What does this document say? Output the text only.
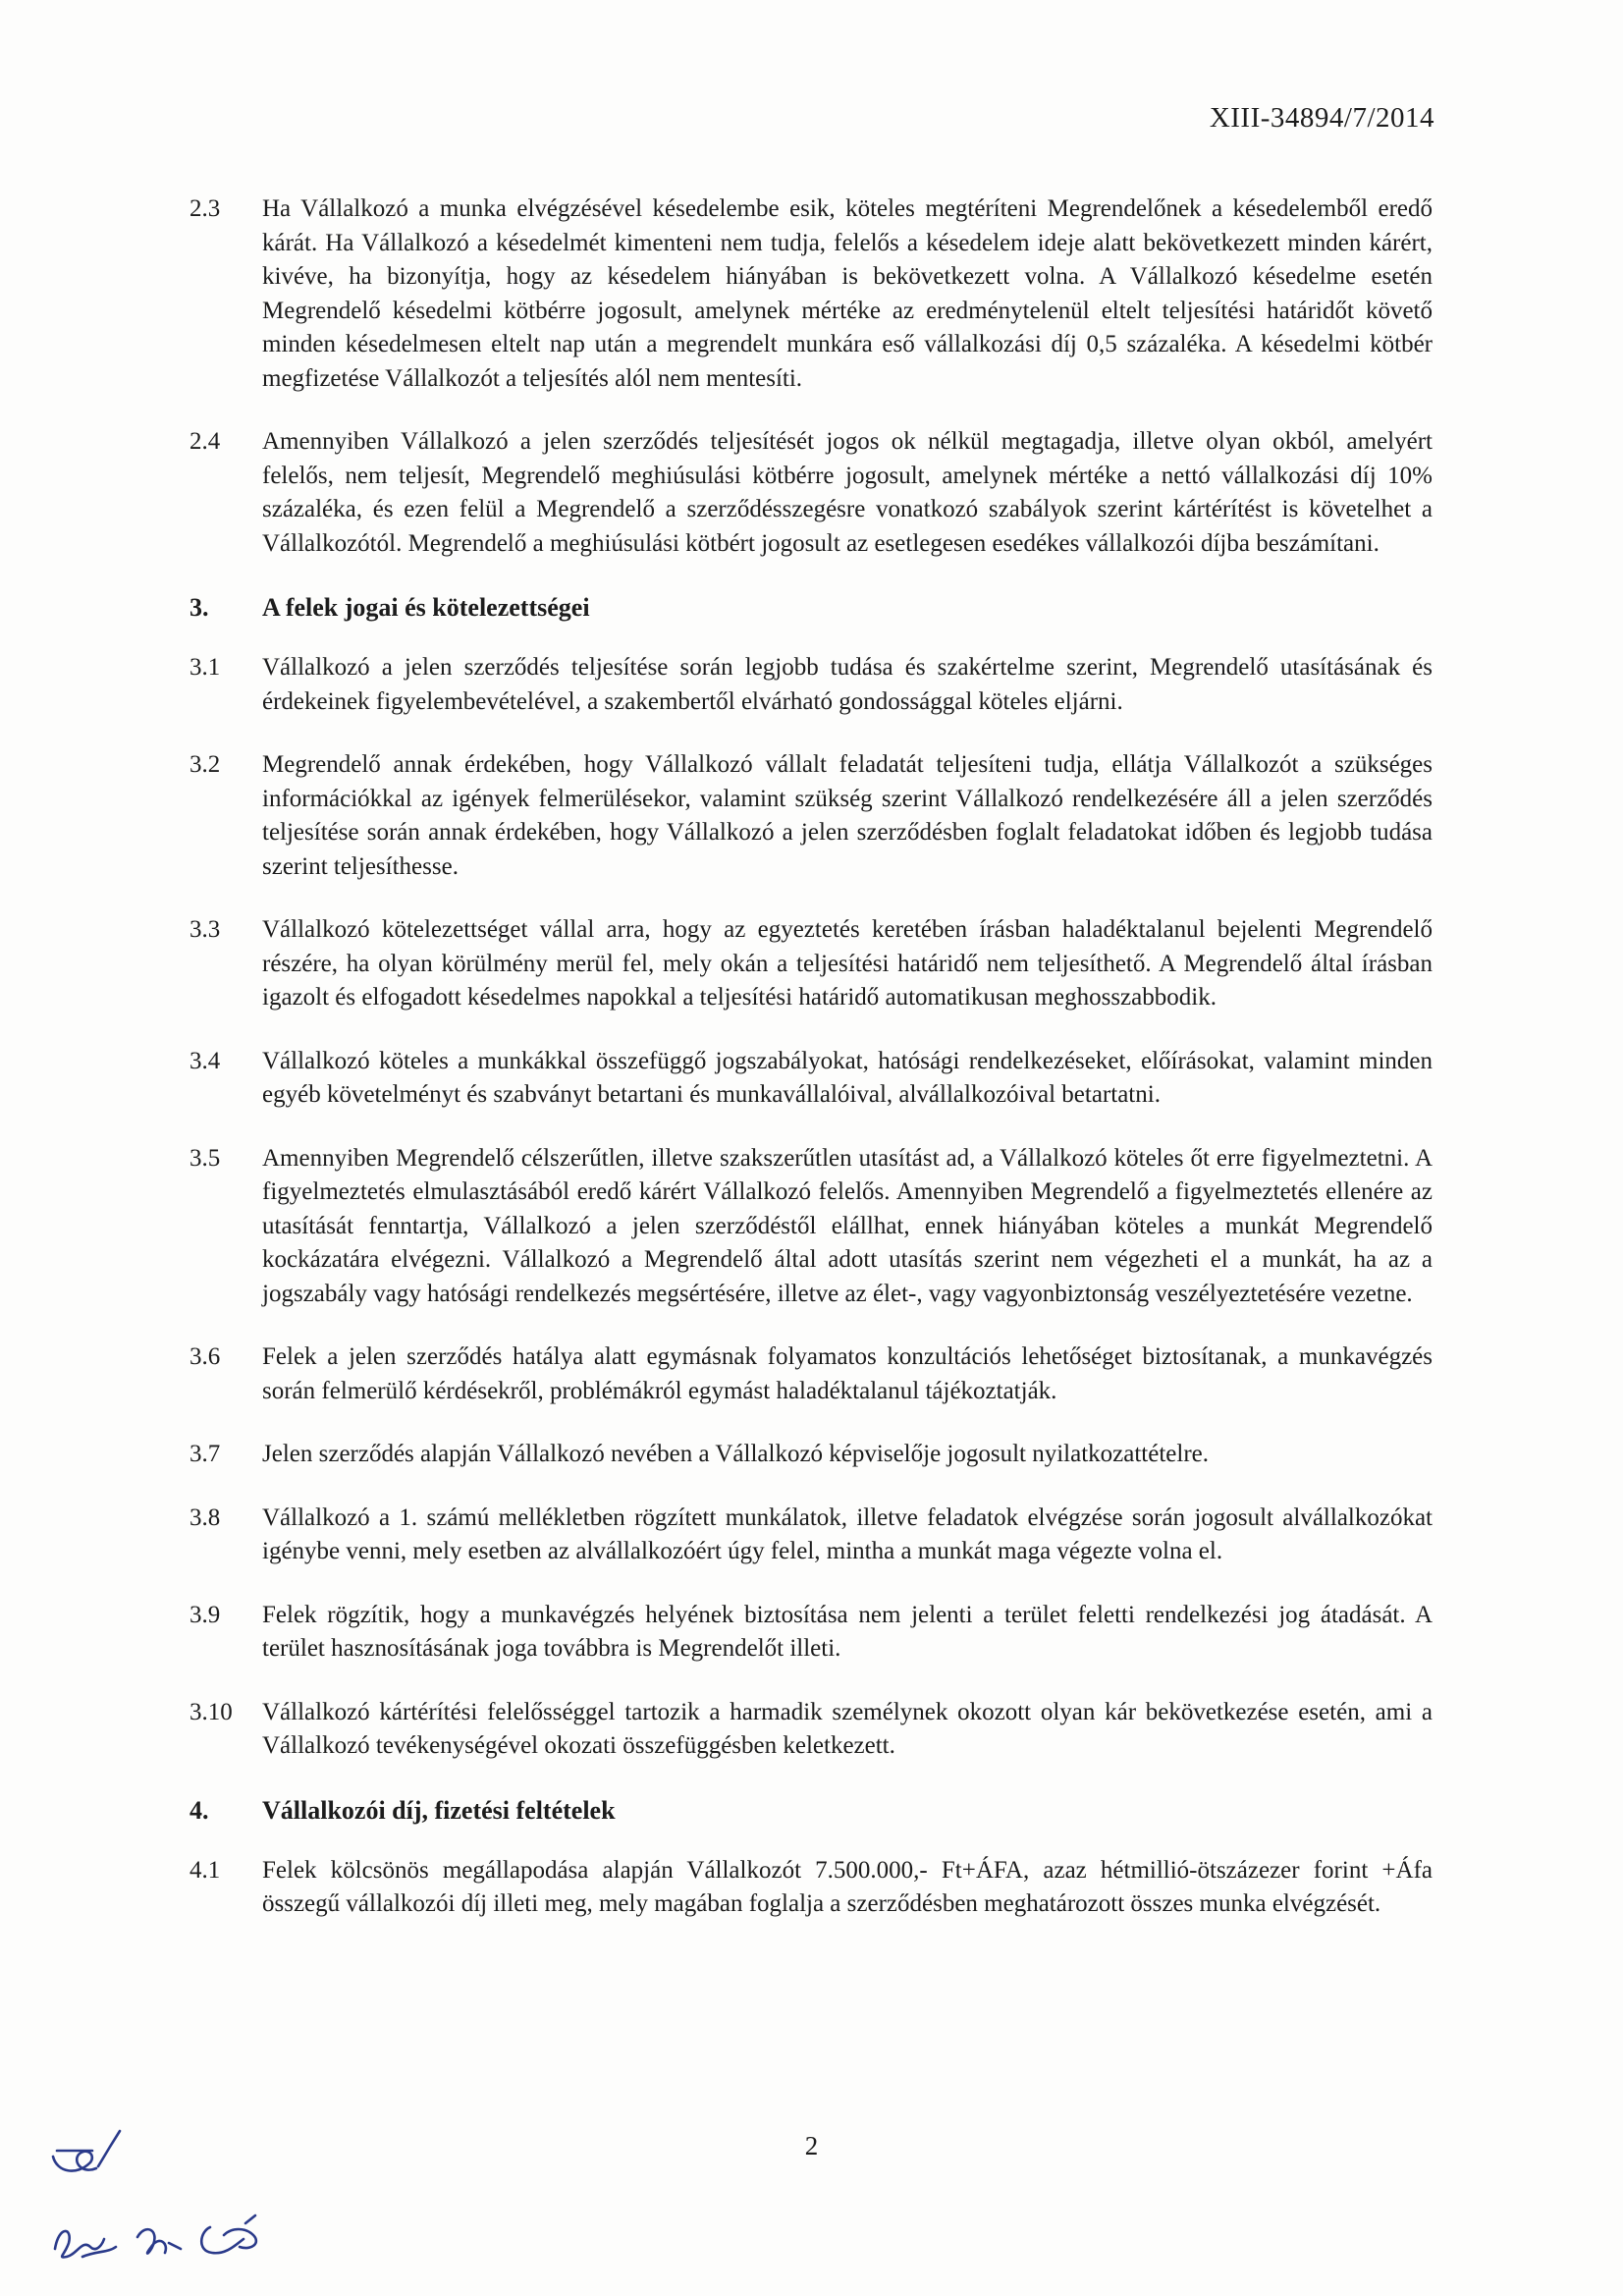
XIII-34894/7/2014
2.3	Ha Vállalkozó a munka elvégzésével késedelembe esik, köteles megtéríteni Megrendelőnek a késedelemből eredő kárát. Ha Vállalkozó a késedelmét kimenteni nem tudja, felelős a késedelem ideje alatt bekövetkezett minden kárért, kivéve, ha bizonyítja, hogy az késedelem hiányában is bekövetkezett volna. A Vállalkozó késedelme esetén Megrendelő késedelmi kötbérre jogosult, amelynek mértéke az eredménytelenül eltelt teljesítési határidőt követő minden késedelmesen eltelt nap után a megrendelt munkára eső vállalkozási díj 0,5 százaléka. A késedelmi kötbér megfizetése Vállalkozót a teljesítés alól nem mentesíti.
2.4	Amennyiben Vállalkozó a jelen szerződés teljesítését jogos ok nélkül megtagadja, illetve olyan okból, amelyért felelős, nem teljesít, Megrendelő meghiúsulási kötbérre jogosult, amelynek mértéke a nettó vállalkozási díj 10% százaléka, és ezen felül a Megrendelő a szerződésszegésre vonatkozó szabályok szerint kártérítést is követelhet a Vállalkozótól. Megrendelő a meghiúsulási kötbért jogosult az esetlegesen esedékes vállalkozói díjba beszámítani.
3.	A felek jogai és kötelezettségei
3.1	Vállalkozó a jelen szerződés teljesítése során legjobb tudása és szakértelme szerint, Megrendelő utasításának és érdekeinek figyelembevételével, a szakembertől elvárható gondossággal köteles eljárni.
3.2	Megrendelő annak érdekében, hogy Vállalkozó vállalt feladatát teljesíteni tudja, ellátja Vállalkozót a szükséges információkkal az igények felmerülésekor, valamint szükség szerint Vállalkozó rendelkezésére áll a jelen szerződés teljesítése során annak érdekében, hogy Vállalkozó a jelen szerződésben foglalt feladatokat időben és legjobb tudása szerint teljesíthesse.
3.3	Vállalkozó kötelezettséget vállal arra, hogy az egyeztetés keretében írásban haladéktalanul bejelenti Megrendelő részére, ha olyan körülmény merül fel, mely okán a teljesítési határidő nem teljesíthető. A Megrendelő által írásban igazolt és elfogadott késedelmes napokkal a teljesítési határidő automatikusan meghosszabbodik.
3.4	Vállalkozó köteles a munkákkal összefüggő jogszabályokat, hatósági rendelkezéseket, előírásokat, valamint minden egyéb követelményt és szabványt betartani és munkavállalóival, alvállalkozóival betartatni.
3.5	Amennyiben Megrendelő célszerűtlen, illetve szakszerűtlen utasítást ad, a Vállalkozó köteles őt erre figyelmeztetni. A figyelmeztetés elmulasztásából eredő kárért Vállalkozó felelős. Amennyiben Megrendelő a figyelmeztetés ellenére az utasítását fenntartja, Vállalkozó a jelen szerződéstől elállhat, ennek hiányában köteles a munkát Megrendelő kockázatára elvégezni. Vállalkozó a Megrendelő által adott utasítás szerint nem végezheti el a munkát, ha az a jogszabály vagy hatósági rendelkezés megsértésére, illetve az élet-, vagy vagyonbiztonság veszélyeztetésére vezetne.
3.6	Felek a jelen szerződés hatálya alatt egymásnak folyamatos konzultációs lehetőséget biztosítanak, a munkavégzés során felmerülő kérdésekről, problémákról egymást haladéktalanul tájékoztatják.
3.7	Jelen szerződés alapján Vállalkozó nevében a Vállalkozó képviselője jogosult nyilatkozattételre.
3.8	Vállalkozó a 1. számú mellékletben rögzített munkálatok, illetve feladatok elvégzése során jogosult alvállalkozókat igénybe venni, mely esetben az alvállalkozóért úgy felel, mintha a munkát maga végezte volna el.
3.9	Felek rögzítik, hogy a munkavégzés helyének biztosítása nem jelenti a terület feletti rendelkezési jog átadását. A terület hasznosításának joga továbbra is Megrendelőt illeti.
3.10	Vállalkozó kártérítési felelősséggel tartozik a harmadik személynek okozott olyan kár bekövetkezése esetén, ami a Vállalkozó tevékenységével okozati összefüggésben keletkezett.
4.	Vállalkozói díj, fizetési feltételek
4.1	Felek kölcsönös megállapodása alapján Vállalkozót 7.500.000,- Ft+ÁFA, azaz hétmillió-ötszázezer forint +Áfa összegű vállalkozói díj illeti meg, mely magában foglalja a szerződésben meghatározott összes munka elvégzését.
2
